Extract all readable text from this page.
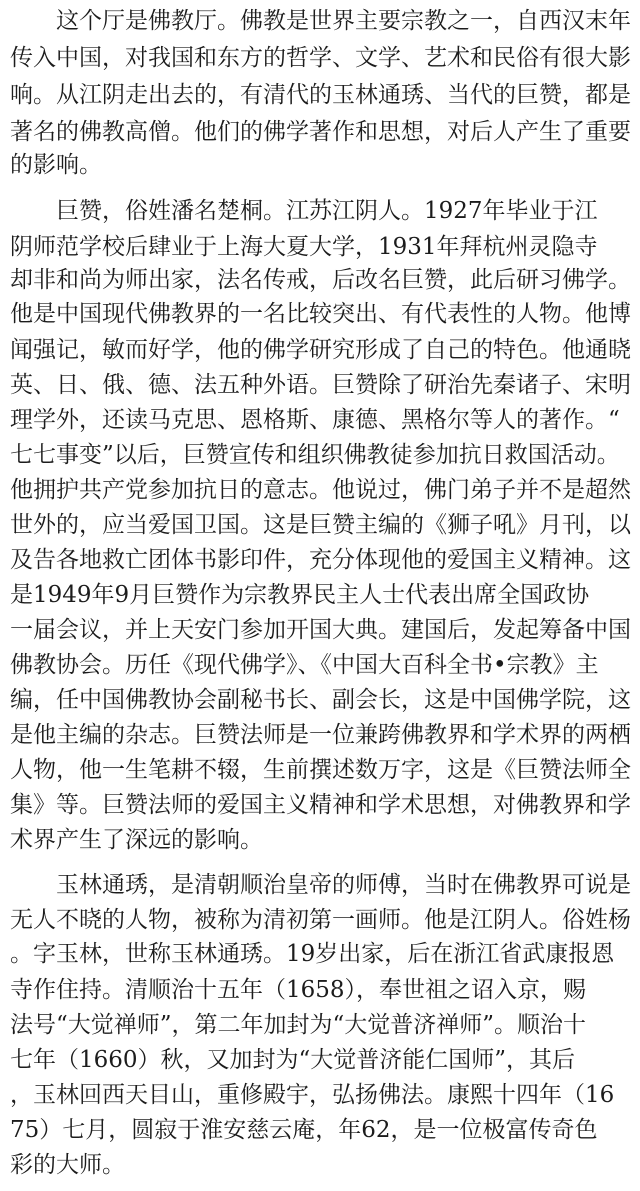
　　这个厅是佛教厅。佛教是世界主要宗教之一，自西汉末年
传入中国，对我国和东方的哲学、文学、艺术和民俗有很大影
响。从江阴走出去的，有清代的玉林通琇、当代的巨赞，都是
著名的佛教高僧。他们的佛学著作和思想，对后人产生了重要
的影响。
　　巨赞，俗姓潘名楚桐。江苏江阴人。1927年毕业于江
阴师范学校后肆业于上海大夏大学，1931年拜杭州灵隐寺
却非和尚为师出家，法名传戒，后改名巨赞，此后研习佛学。
他是中国现代佛教界的一名比较突出、有代表性的人物。他博
闻强记，敏而好学，他的佛学研究形成了自己的特色。他通晓
英、日、俄、德、法五种外语。巨赞除了研治先秦诸子、宋明
理学外，还读马克思、恩格斯、康德、黑格尔等人的著作。“
七七事变”以后，巨赞宣传和组织佛教徒参加抗日救国活动。
他拥护共产党参加抗日的意志。他说过，佛门弟子并不是超然
世外的，应当爱国卫国。这是巨赞主编的《狮子吼》月刊，以
及告各地救亡团体书影印件，充分体现他的爱国主义精神。这
是1949年9月巨赞作为宗教界民主人士代表出席全国政协
一届会议，并上天安门参加开国大典。建国后，发起筹备中国
佛教协会。历任《现代佛学》、《中国大百科全书•宗教》主
编，任中国佛教协会副秘书长、副会长，这是中国佛学院，这
是他主编的杂志。巨赞法师是一位兼跨佛教界和学术界的两栖
人物，他一生笔耕不辍，生前撰述数万字，这是《巨赞法师全
集》等。巨赞法师的爱国主义精神和学术思想，对佛教界和学
术界产生了深远的影响。
　　玉林通琇，是清朝顺治皇帝的师傅，当时在佛教界可说是
无人不晓的人物，被称为清初第一画师。他是江阴人。俗姓杨
。字玉林，世称玉林通琇。19岁出家，后在浙江省武康报恩
寺作住持。清顺治十五年（1658），奉世祖之诏入京，赐
法号“大觉禅师”，第二年加封为“大觉普济禅师”。顺治十
七年（1660）秋，又加封为“大觉普济能仁国师”，其后
，玉林回西天目山，重修殿宇，弘扬佛法。康熙十四年（16
75）七月，圆寂于淮安慈云庵，年62，是一位极富传奇色
彩的大师。
